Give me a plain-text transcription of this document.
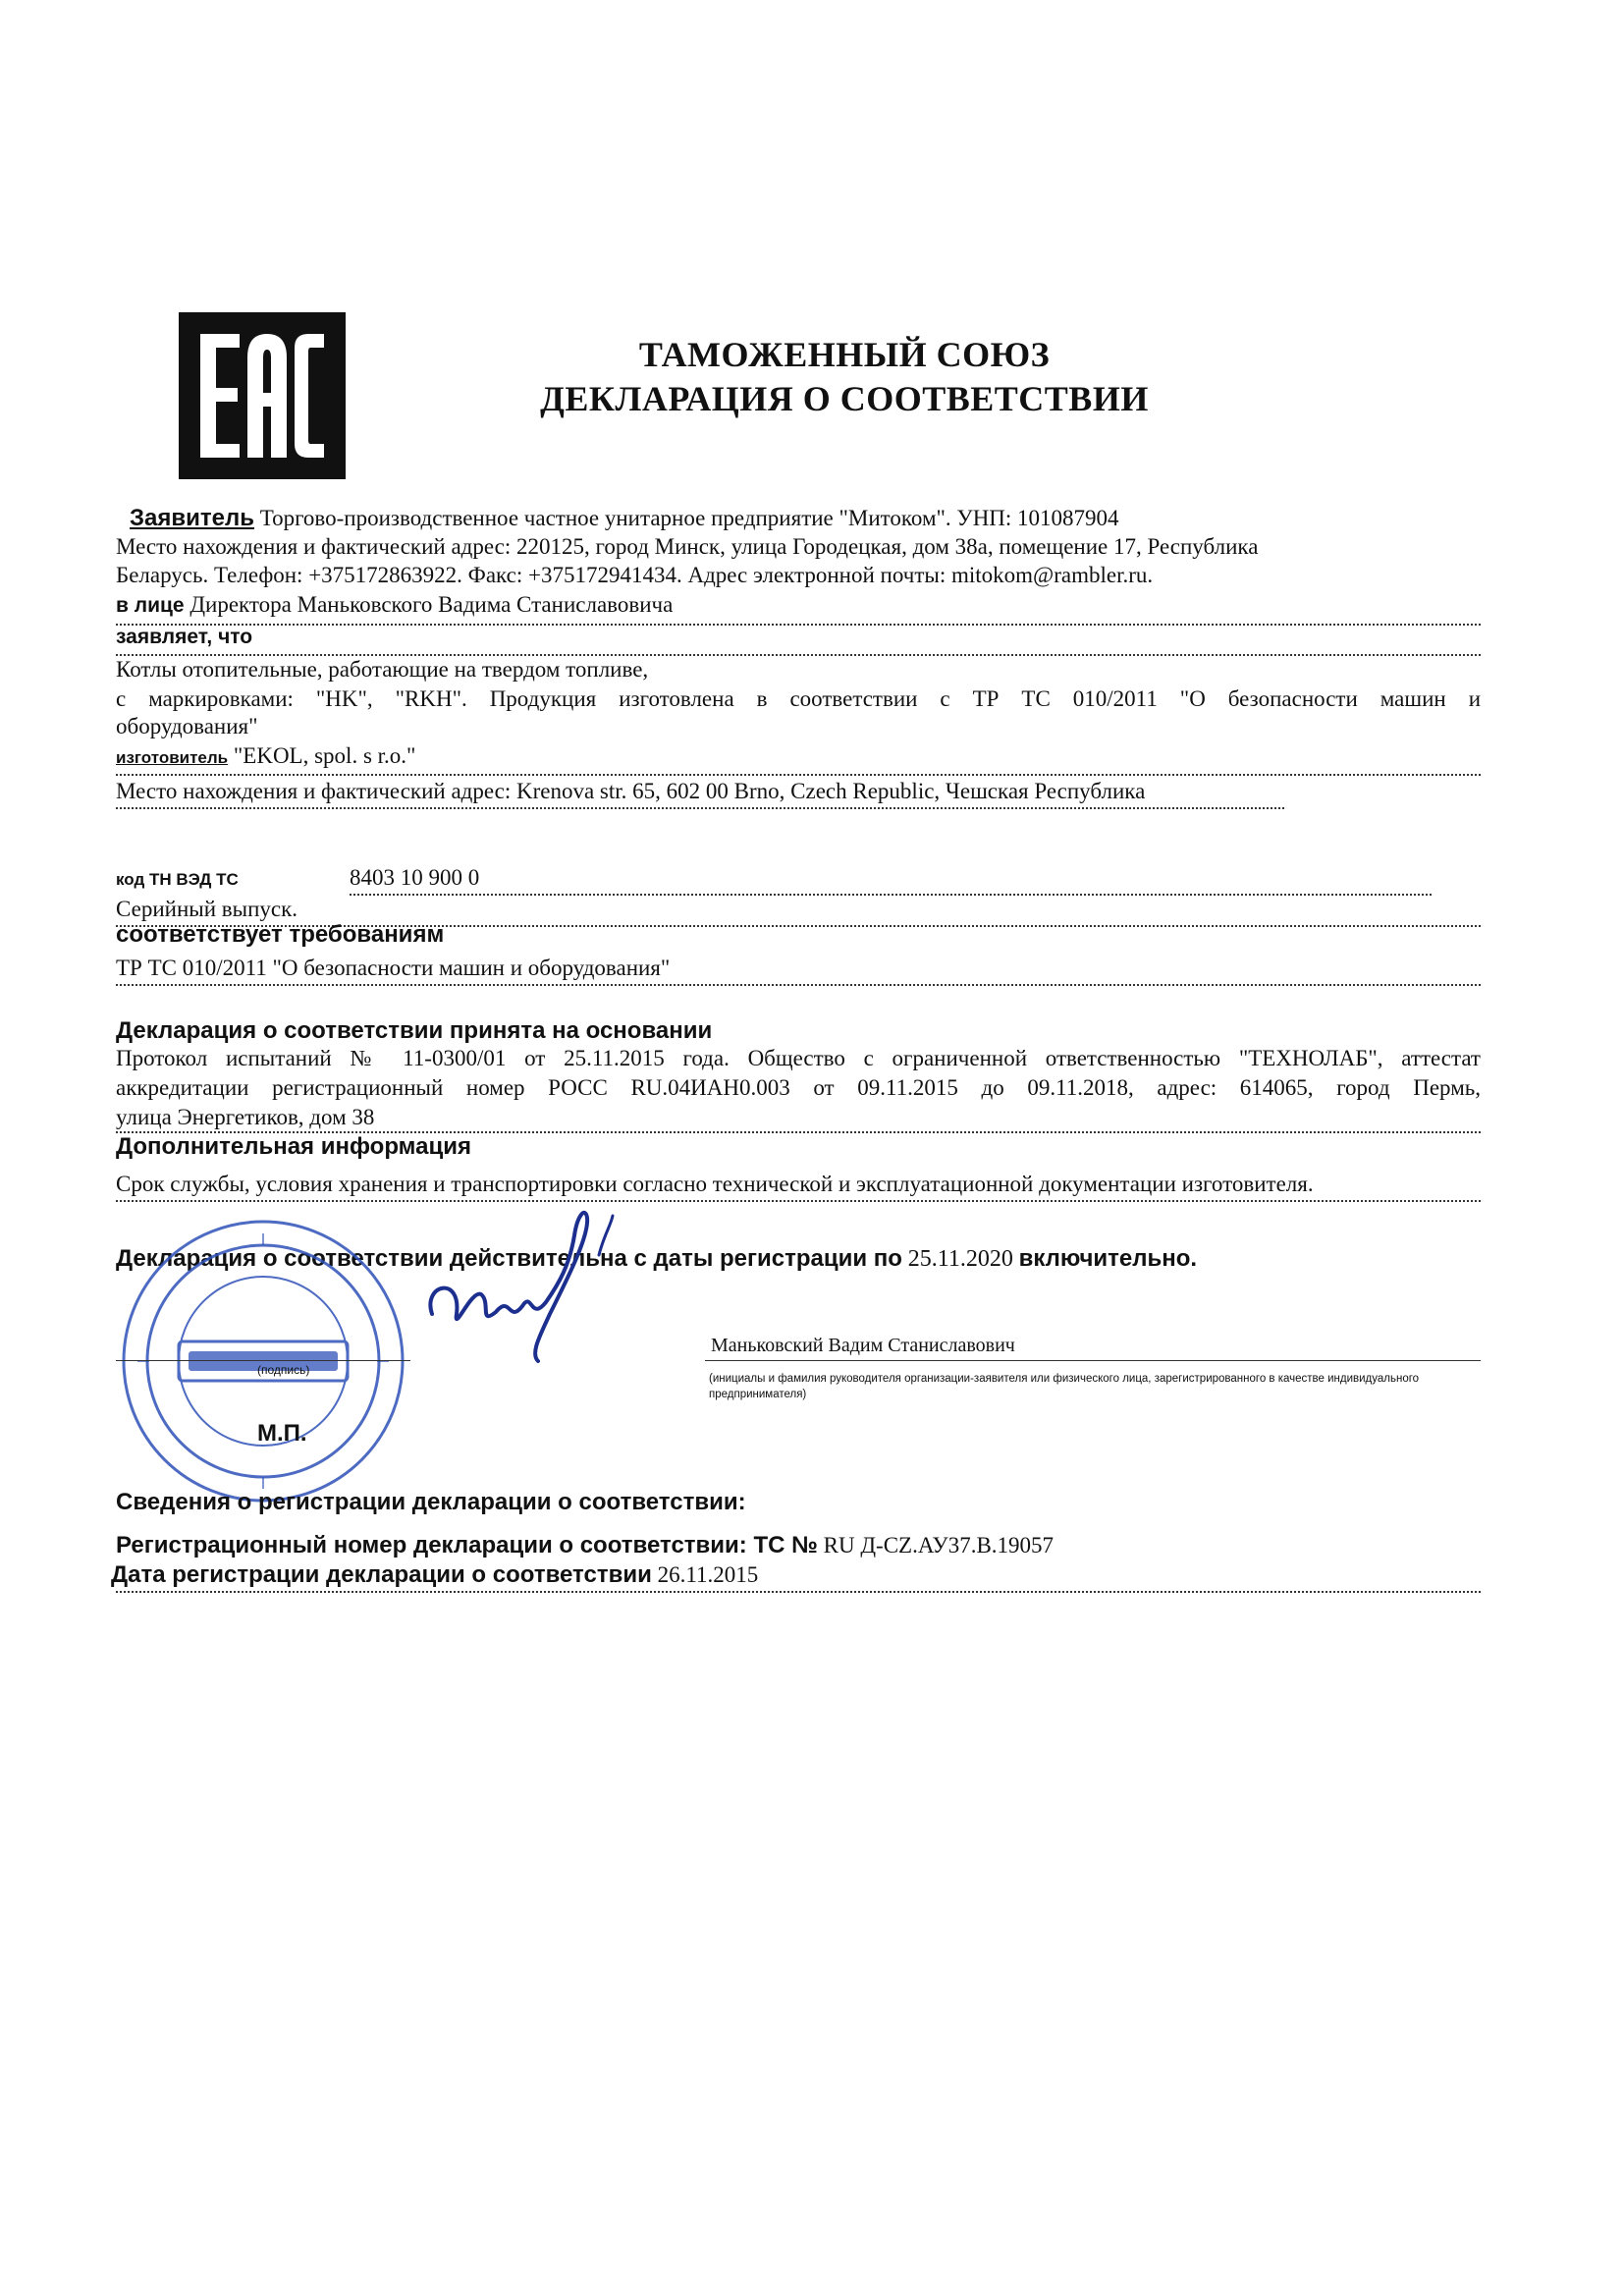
ТАМОЖЕННЫЙ СОЮЗ
ДЕКЛАРАЦИЯ О СООТВЕТСТВИИ
Заявитель Торгово-производственное частное унитарное предприятие "Митоком". УНП: 101087904
Место нахождения и фактический адрес: 220125, город Минск, улица Городецкая, дом 38а, помещение 17, Республика
Беларусь. Телефон: +375172863922. Факс: +375172941434. Адрес электронной почты: mitokom@rambler.ru.
в лице Директора Маньковского Вадима Станиславовича
заявляет, что
Котлы отопительные, работающие на твердом топливе,
с маркировками: "HK", "RKH". Продукция изготовлена в соответствии с ТР ТС 010/2011 "О безопасности машин и
оборудования"
изготовитель "EKOL, spol. s r.o."
Место нахождения и фактический адрес: Krenova str. 65, 602 00 Brno, Czech Republic, Чешская Республика
код ТН ВЭД ТС	8403 10 900 0
Серийный выпуск.
соответствует требованиям
ТР ТС 010/2011 "О безопасности машин и оборудования"
Декларация о соответствии принята на основании
Протокол испытаний № 11-0300/01 от 25.11.2015 года. Общество с ограниченной ответственностью "ТЕХНОЛАБ", аттестат
аккредитации регистрационный номер РОСС RU.04ИАН0.003 от 09.11.2015 до 09.11.2018, адрес: 614065, город Пермь,
улица Энергетиков, дом 38
Дополнительная информация
Срок службы, условия хранения и транспортировки согласно технической и эксплуатационной документации изготовителя.
Декларация о соответствии действительна с даты регистрации по 25.11.2020 включительно.
(подпись)
Маньковский Вадим Станиславович
(инициалы и фамилия руководителя организации-заявителя или физического лица, зарегистрированного в качестве индивидуального предпринимателя)
М.П.
Сведения о регистрации декларации о соответствии:
Регистрационный номер декларации о соответствии: ТС № RU Д-CZ.АУ37.В.19057
Дата регистрации декларации о соответствии 26.11.2015
